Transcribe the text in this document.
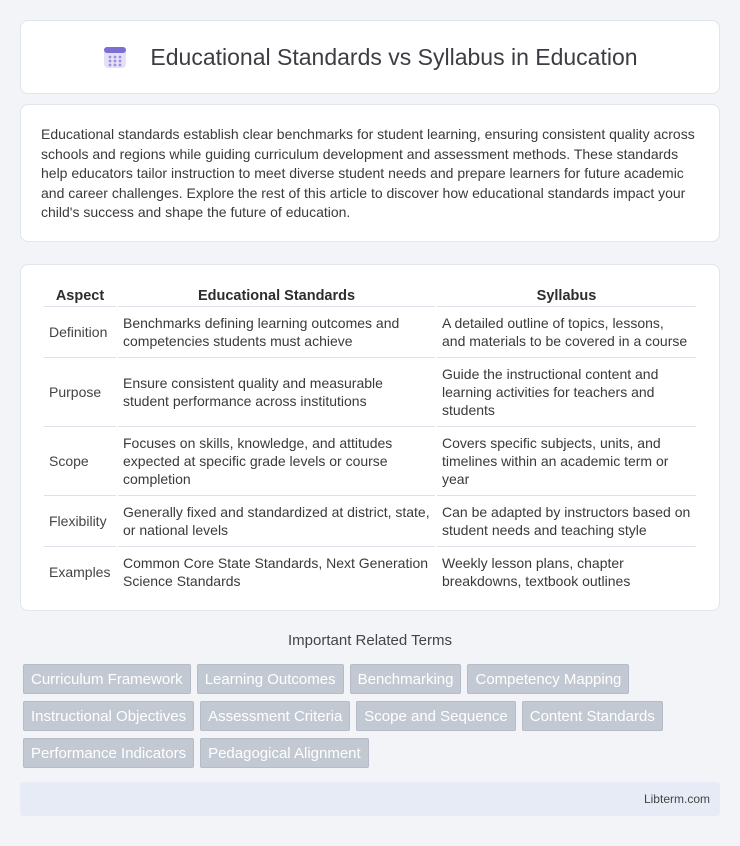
Educational Standards vs Syllabus in Education

Educational standards establish clear benchmarks for student learning, ensuring consistent quality across schools and regions while guiding curriculum development and assessment methods. These standards help educators tailor instruction to meet diverse student needs and prepare learners for future academic and career challenges. Explore the rest of this article to discover how educational standards impact your child's success and shape the future of education.

Aspect	Educational Standards	Syllabus
Definition	Benchmarks defining learning outcomes and competencies students must achieve	A detailed outline of topics, lessons, and materials to be covered in a course
Purpose	Ensure consistent quality and measurable student performance across institutions	Guide the instructional content and learning activities for teachers and students
Scope	Focuses on skills, knowledge, and attitudes expected at specific grade levels or course completion	Covers specific subjects, units, and timelines within an academic term or year
Flexibility	Generally fixed and standardized at district, state, or national levels	Can be adapted by instructors based on student needs and teaching style
Examples	Common Core State Standards, Next Generation Science Standards	Weekly lesson plans, chapter breakdowns, textbook outlines
Important Related Terms
Curriculum Framework	Learning Outcomes	Benchmarking	Competency Mapping
Instructional Objectives	Assessment Criteria	Scope and Sequence	Content Standards
Performance Indicators	Pedagogical Alignment
Libterm.com
